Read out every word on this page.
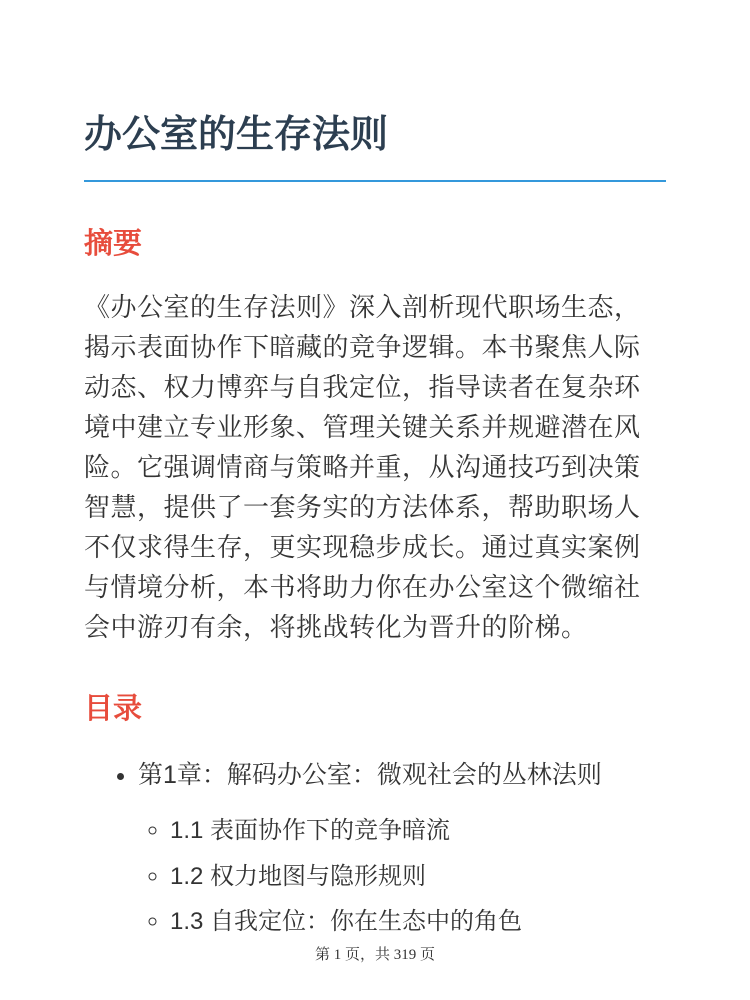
办公室的生存法则
摘要

《办公室的生存法则》深入剖析现代职场生态，揭示表面协作下暗藏的竞争逻辑。本书聚焦人际动态、权力博弈与自我定位，指导读者在复杂环境中建立专业形象、管理关键关系并规避潜在风险。它强调情商与策略并重，从沟通技巧到决策智慧，提供了一套务实的方法体系，帮助职场人不仅求得生存，更实现稳步成长。通过真实案例与情境分析，本书将助力你在办公室这个微缩社会中游刃有余，将挑战转化为晋升的阶梯。

目录
• 第1章：解码办公室：微观社会的丛林法则
◦ 1.1 表面协作下的竞争暗流
◦ 1.2 权力地图与隐形规则
◦ 1.3 自我定位：你在生态中的角色
第 1 页，共 319 页
